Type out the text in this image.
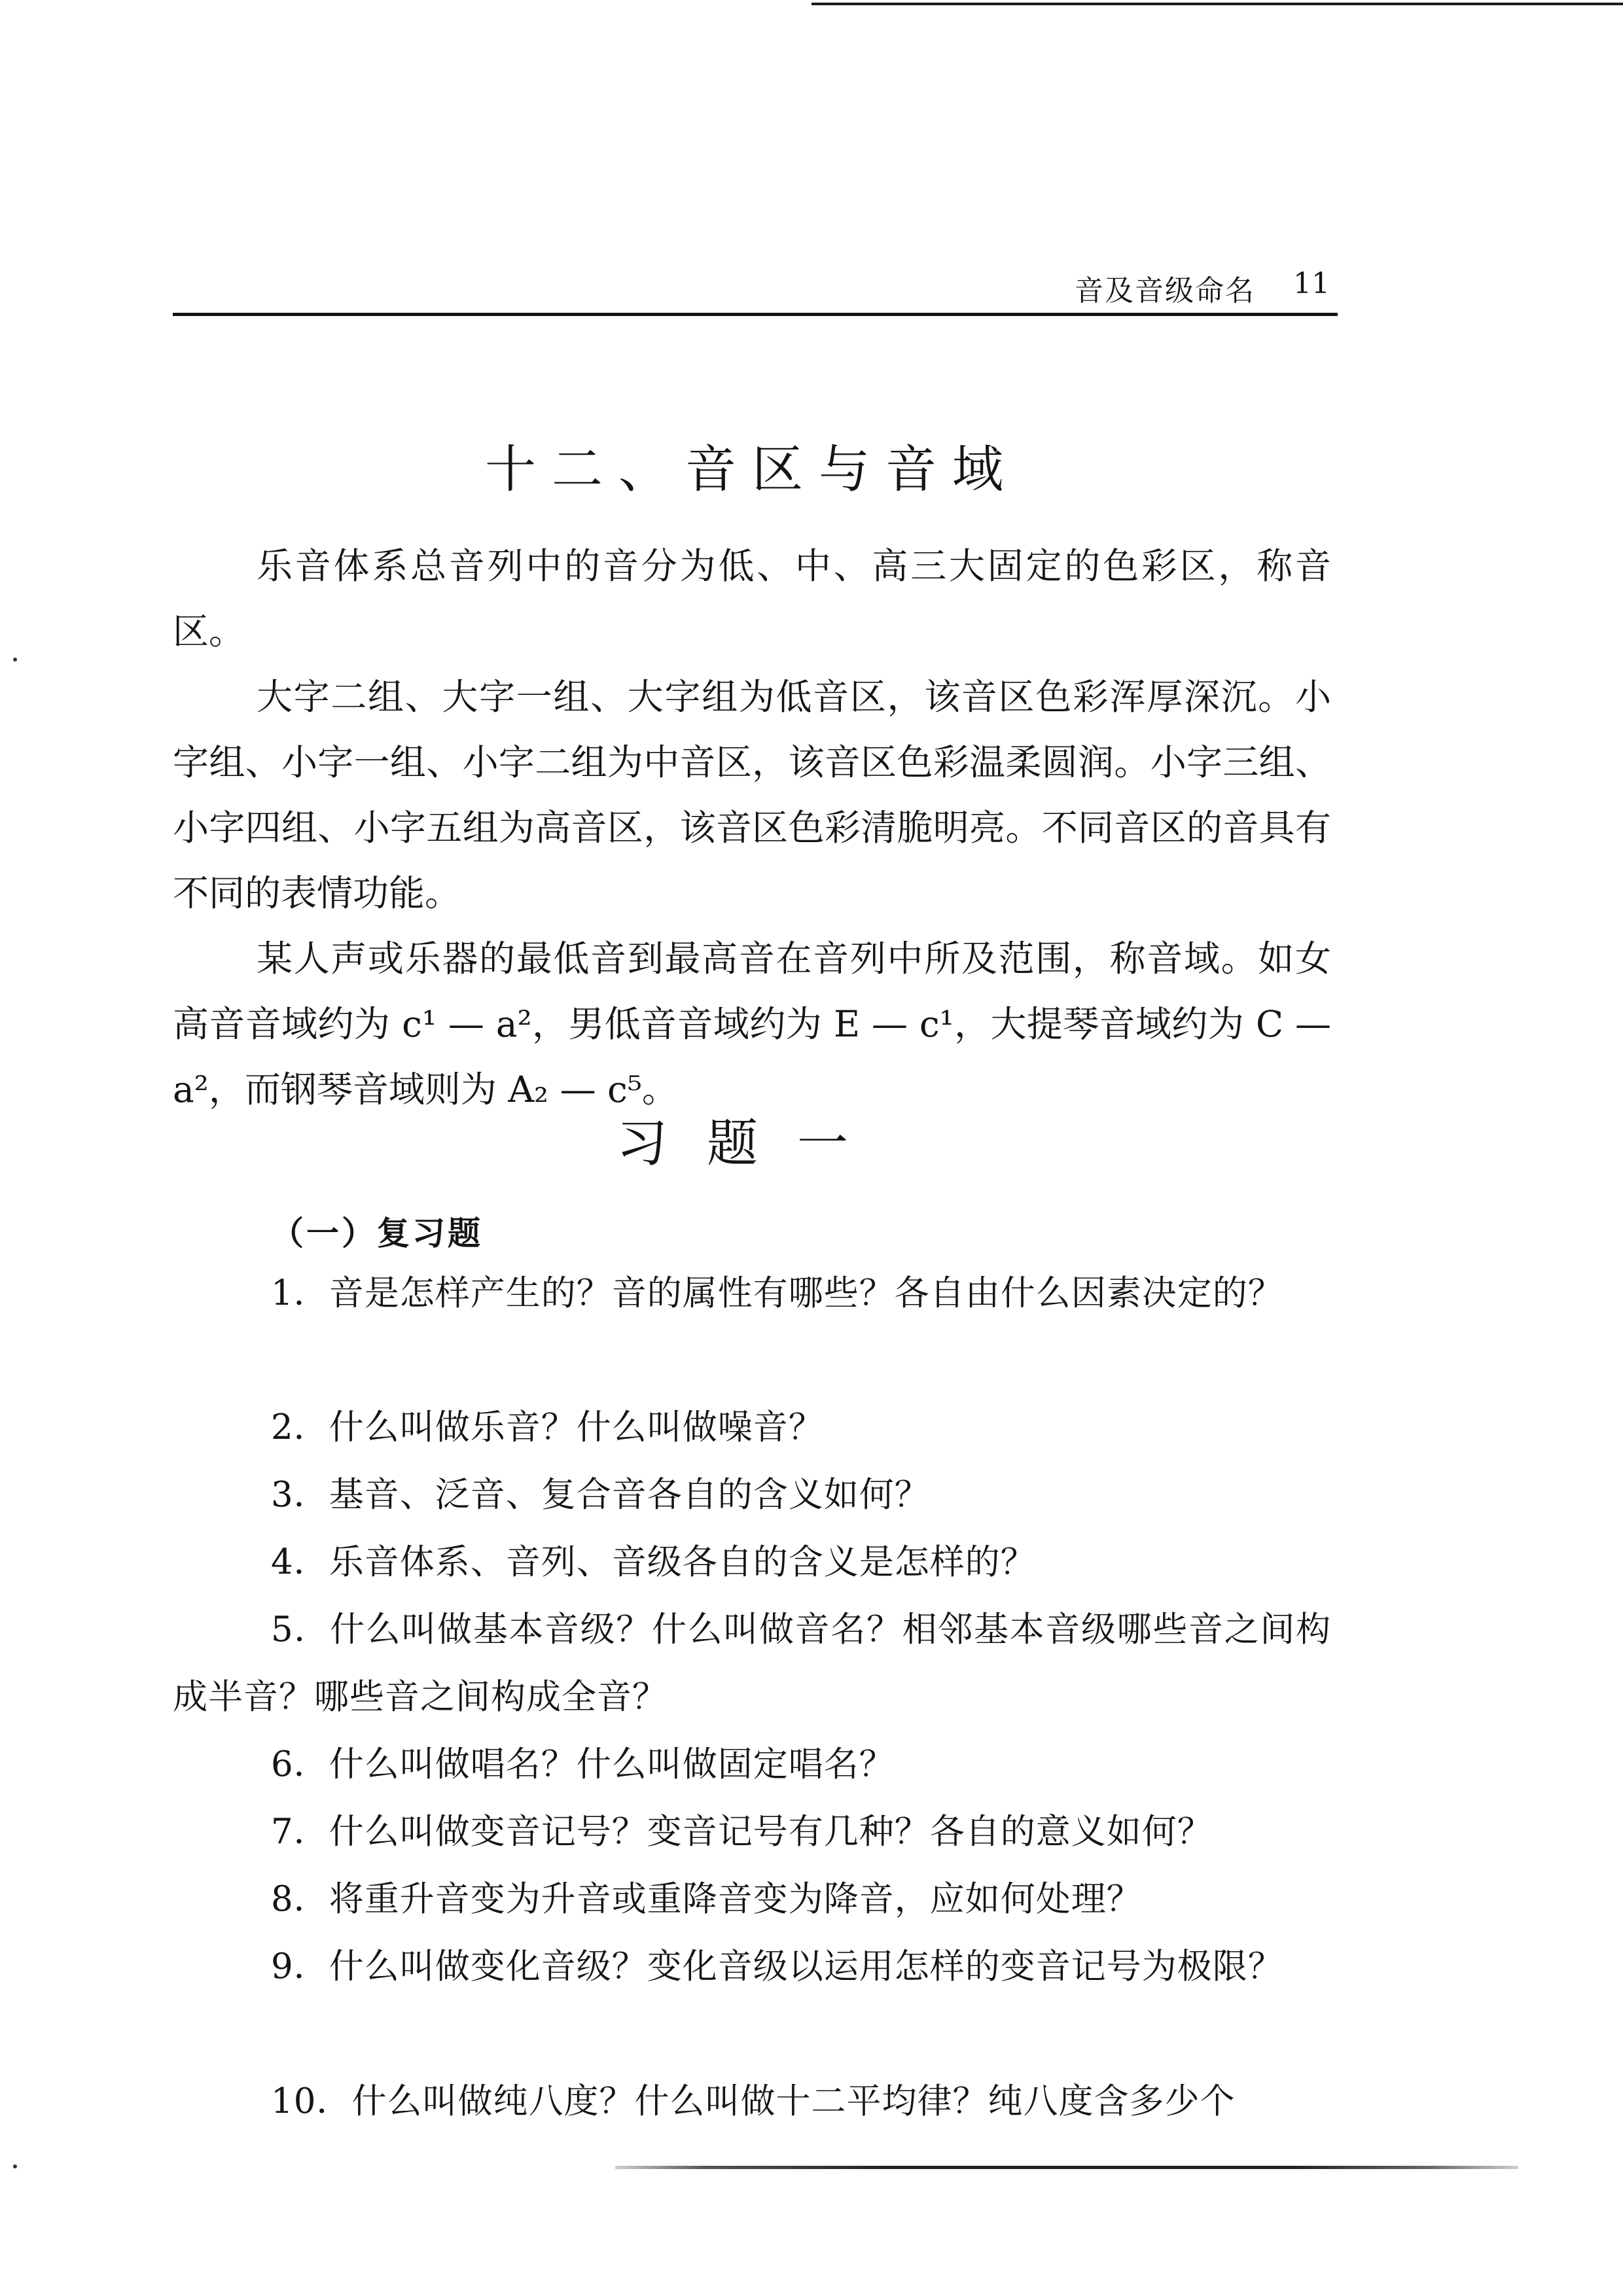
音及音级命名 11
十二、音区与音域

乐音体系总音列中的音分为低、中、高三大固定的色彩区，称音区。

大字二组、大字一组、大字组为低音区，该音区色彩浑厚深沉。小字组、小字一组、小字二组为中音区，该音区色彩温柔圆润。小字三组、小字四组、小字五组为高音区，该音区色彩清脆明亮。不同音区的音具有不同的表情功能。

某人声或乐器的最低音到最高音在音列中所及范围，称音域。如女高音音域约为 c¹ — a²，男低音音域约为 E — c¹，大提琴音域约为 C — a²，而钢琴音域则为 A₂ — c⁵。

习题一
（一）复习题

1．音是怎样产生的？音的属性有哪些？各自由什么因素决定的？

2．什么叫做乐音？什么叫做噪音？

3．基音、泛音、复合音各自的含义如何？

4．乐音体系、音列、音级各自的含义是怎样的？

5．什么叫做基本音级？什么叫做音名？相邻基本音级哪些音之间构成半音？哪些音之间构成全音？

6．什么叫做唱名？什么叫做固定唱名？

7．什么叫做变音记号？变音记号有几种？各自的意义如何？

8．将重升音变为升音或重降音变为降音，应如何处理？

9．什么叫做变化音级？变化音级以运用怎样的变音记号为极限？

10．什么叫做纯八度？什么叫做十二平均律？纯八度含多少个
